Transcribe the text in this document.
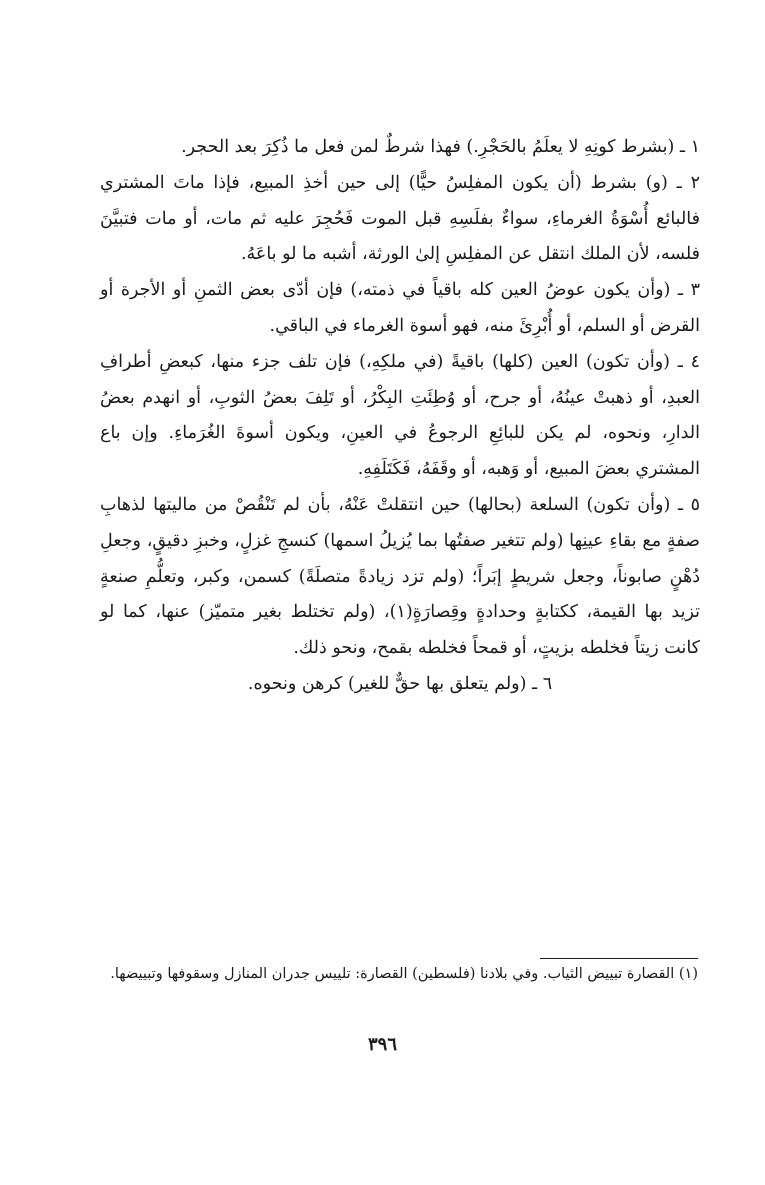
١ ـ (بشرط كونِهِ لا يعلَمُ بالحَجْرِ.) فهذا شرطٌ لمن فعل ما ذُكِرَ بعد الحجر.

٢ ـ (و) بشرط (أن يكون المفلِسُ حيًّا) إلى حين أخذِ المبيع، فإذا ماتَ المشتري فالبائع أُسْوَةُ الغرماءِ، سواءٌ بفلَسِهِ قبل الموت فَحُجِرَ عليه ثم مات، أو مات فتبيَّنَ فلسه، لأن الملك انتقل عن المفلِسِ إلىٰ الورثة، أشبه ما لو باعَهُ.

٣ ـ (وأن يكون عوضُ العين كله باقياً في ذمته،) فإن أدّى بعض الثمنِ أو الأجرة أو القرض أو السلم، أو أُبْرِئَ منه، فهو أسوة الغرماء في الباقي.

٤ ـ (وأن تكون) العين (كلها) باقيةً (في ملكِهِ،) فإن تلف جزء منها، كبعضِ أطرافِ العبدِ، أو ذهبتْ عينُهُ، أو جرح، أو وُطِئَتِ البِكْرُ، أو تَلِفَ بعضُ الثوبِ، أو انهدم بعضُ الدارِ، ونحوه، لم يكن للبائِعِ الرجوعُ في العينِ، ويكون أسوةَ الغُرَماءِ. وإن باع المشتري بعضَ المبيع، أو وَهبه، أو وقَفَهُ، فَكَتَلَفِهِ.

٥ ـ (وأن تكون) السلعة (بحالها) حين انتقلتْ عَنْهُ، بأن لم تَنْقُصْ من ماليتها لذهابِ صفةٍ مع بقاءِ عينِها (ولم تتغير صفتُها بما يُزيلُ اسمها) كنسجِ غزلٍ، وخبزِ دقيقٍ، وجعلِ دُهْنٍ صابوناً، وجعل شريطٍ إبَراً؛ (ولم تزد زيادةً متصلَةً) كسمن، وكبر، وتعلُّمِ صنعةٍ تزيد بها القيمة، ككتابةٍ وحدادةٍ وقِصارَةٍ(١)، (ولم تختلط بغير متميّز) عنها، كما لو كانت زيتاً فخلطه بزيتٍ، أو قمحاً فخلطه بقمح، ونحو ذلك.

٦ ـ (ولم يتعلق بها حقٌّ للغير) كرهن ونحوه.

(١) القصارة تبييض الثياب. وفي بلادنا (فلسطين) القصارة: تلييس جدران المنازل وسقوفها وتبييضها.

٣٩٦
